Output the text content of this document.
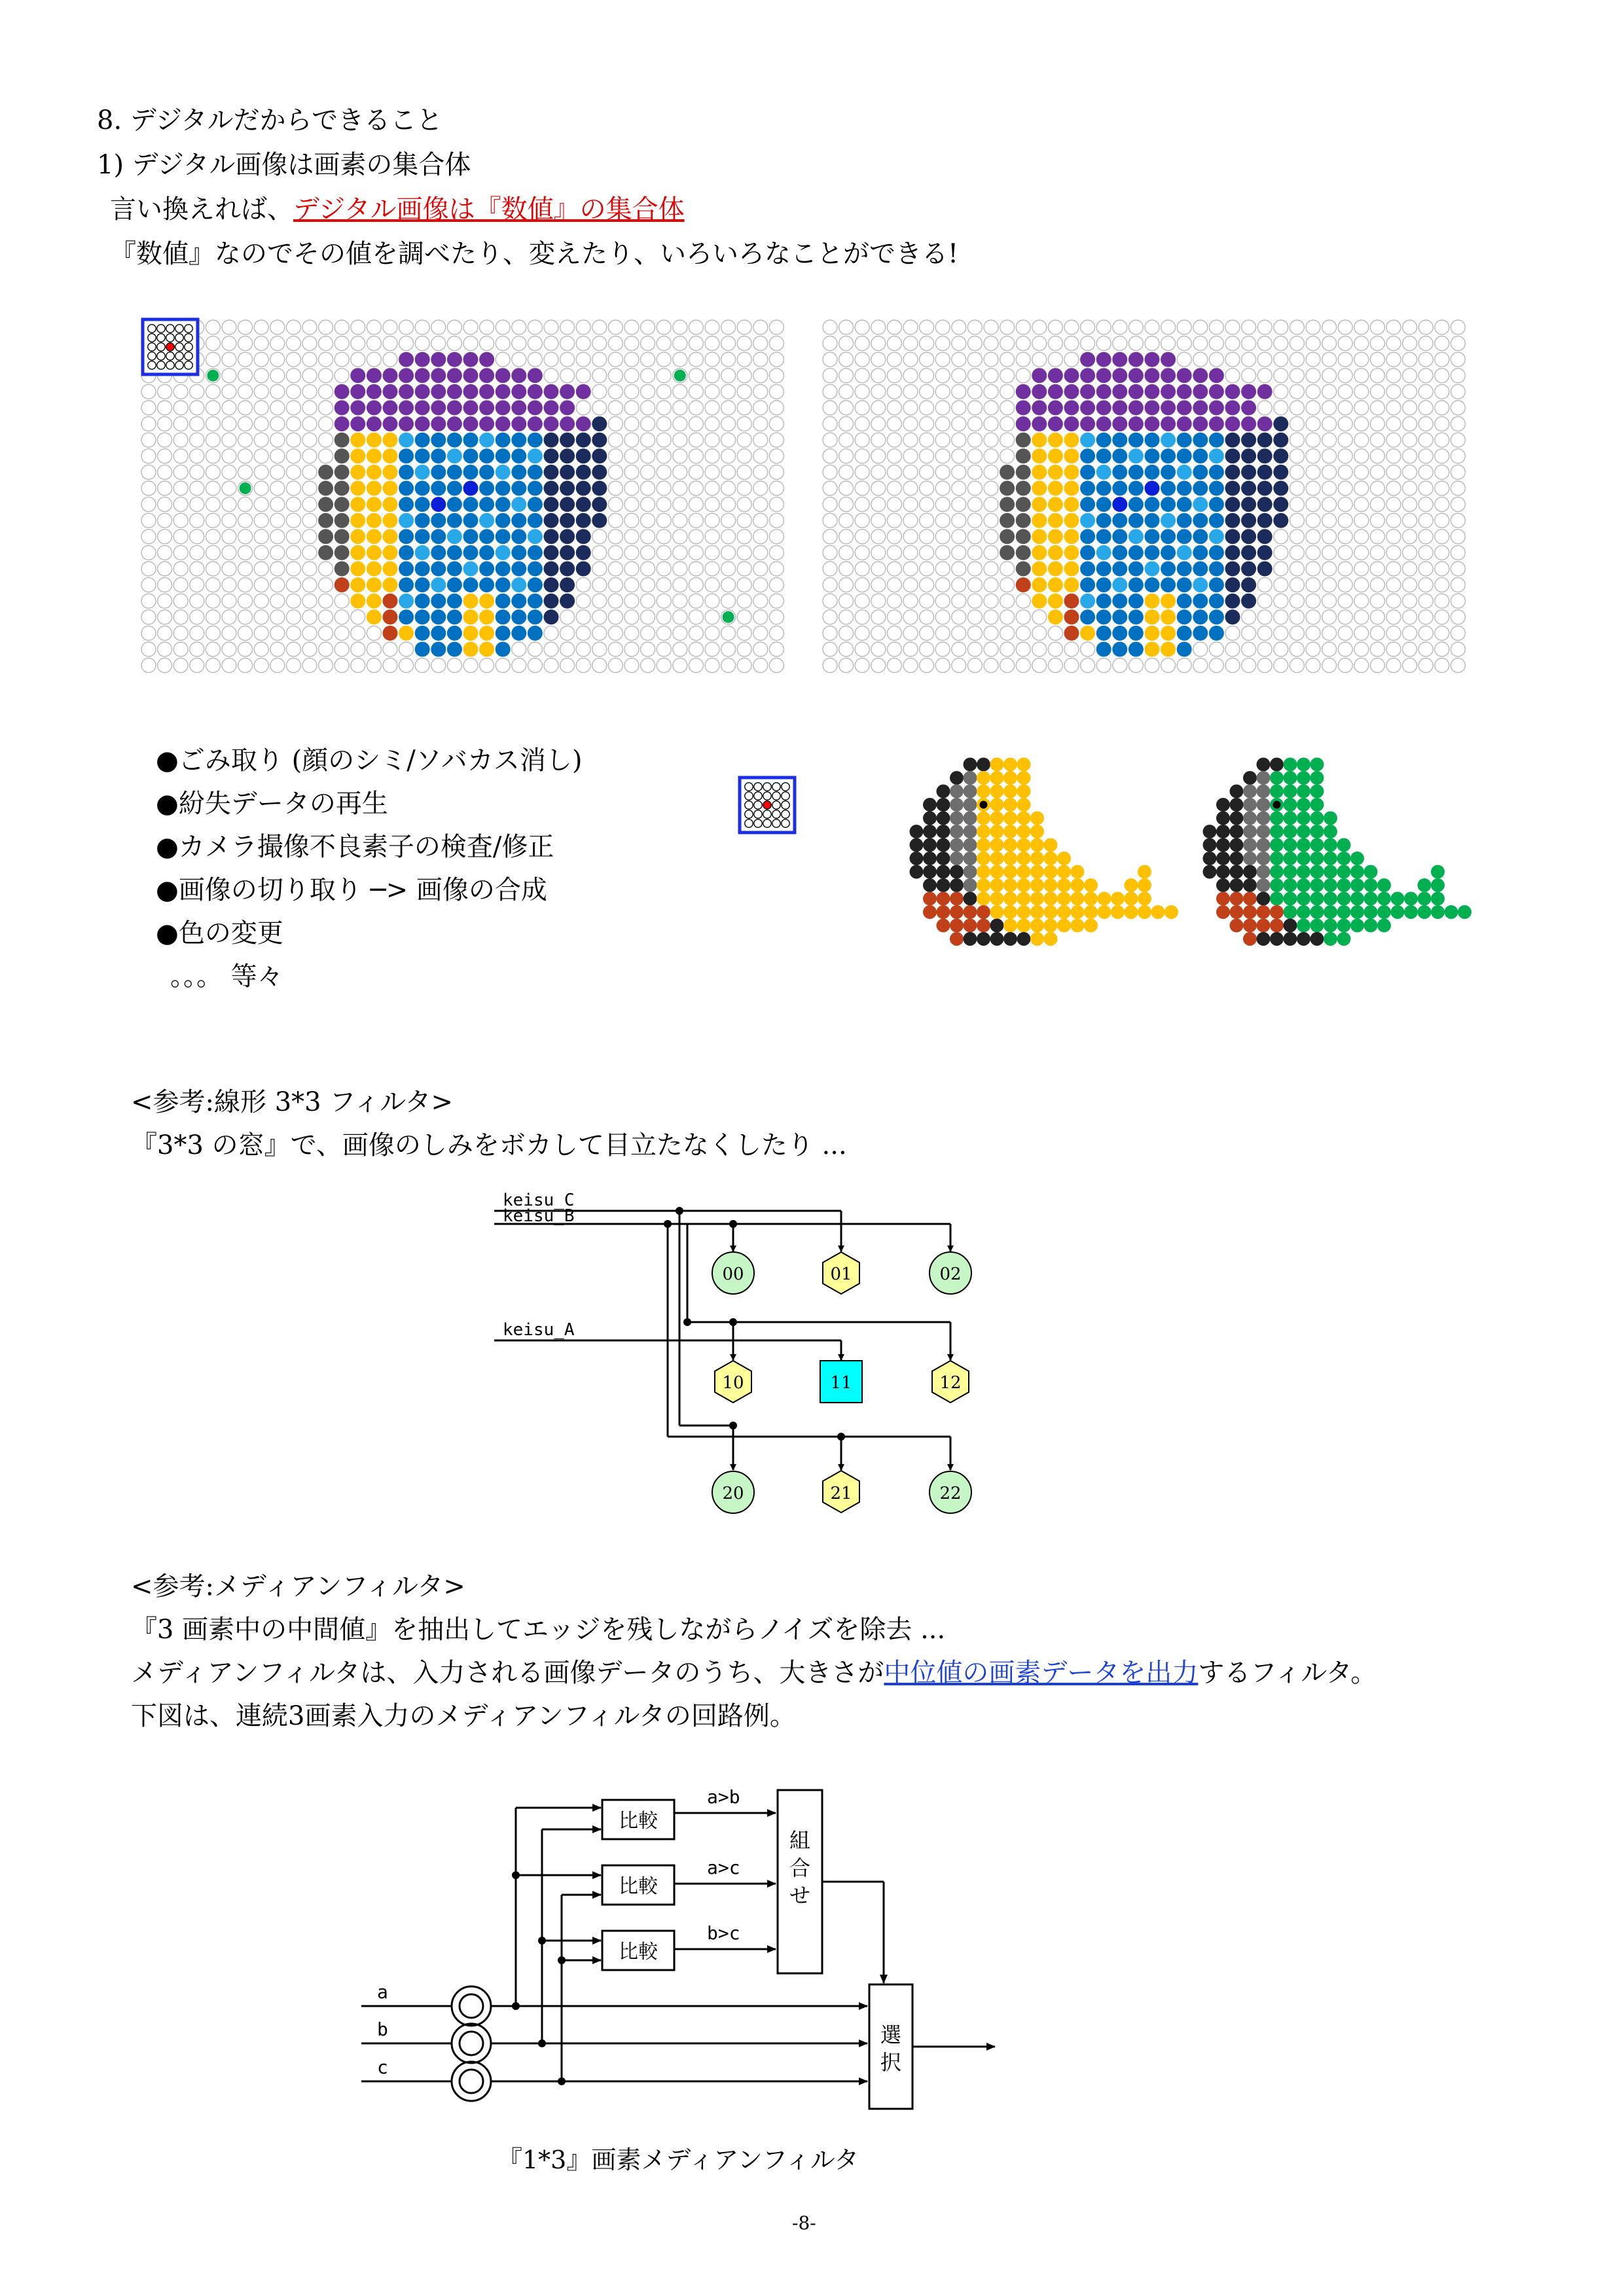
8. デジタルだからできること
1) デジタル画像は画素の集合体
言い換えれば、デジタル画像は『数値』の集合体
『数値』なのでその値を調べたり、変えたり、いろいろなことができる!
●ごみ取り (顔のシミ/ソバカス消し)
●紛失データの再生
●カメラ撮像不良素子の検査/修正
●画像の切り取り ─> 画像の合成
●色の変更
。。。 等々
<参考:線形 3*3 フィルタ>
『3*3 の窓』で、画像のしみをボカして目立たなくしたり ...
keisu_C
keisu_B
keisu_A
00	01	02
10	11	12
20	21	22
<参考:メディアンフィルタ>
『3 画素中の中間値』を抽出してエッジを残しながらノイズを除去 ...
メディアンフィルタは、入力される画像データのうち、大きさが中位値の画素データを出力するフィルタ。
下図は、連続3画素入力のメディアンフィルタの回路例。
比較
比較
比較
a>b
a>c
b>c
組
合
せ
選
択
a
b
c
『1*3』画素メディアンフィルタ
-8-
